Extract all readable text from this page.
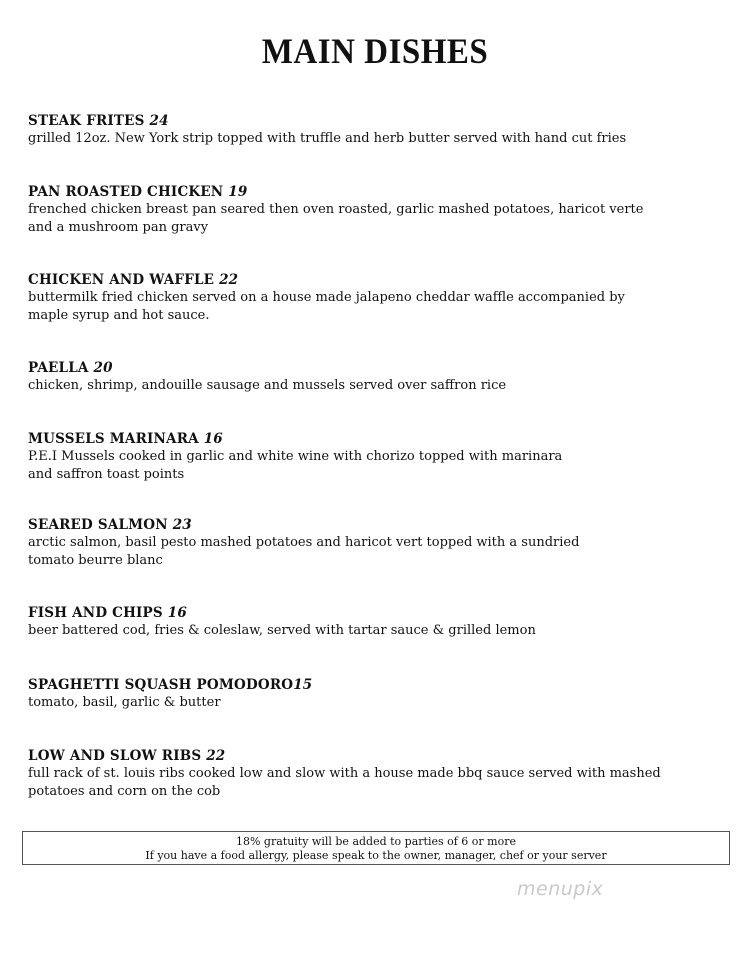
MAIN DISHES
STEAK FRITES 24
grilled 12oz. New York strip topped with truffle and herb butter served with hand cut fries
PAN ROASTED CHICKEN 19
frenched chicken breast pan seared then oven roasted, garlic mashed potatoes, haricot verte
and a mushroom pan gravy
CHICKEN AND WAFFLE 22
buttermilk fried chicken served on a house made jalapeno cheddar waffle accompanied by
maple syrup and hot sauce.
PAELLA 20
chicken, shrimp, andouille sausage and mussels served over saffron rice
MUSSELS MARINARA 16
P.E.I Mussels cooked in garlic and white wine with chorizo topped with marinara
and saffron toast points
SEARED SALMON 23
arctic salmon, basil pesto mashed potatoes and haricot vert topped with a sundried
tomato beurre blanc
FISH AND CHIPS 16
beer battered cod, fries & coleslaw, served with tartar sauce & grilled lemon
SPAGHETTI SQUASH POMODORO15
tomato, basil, garlic & butter
LOW AND SLOW RIBS 22
full rack of st. louis ribs cooked low and slow with a house made bbq sauce served with mashed
potatoes and corn on the cob
18% gratuity will be added to parties of 6 or more
If you have a food allergy, please speak to the owner, manager, chef or your server
menupix
